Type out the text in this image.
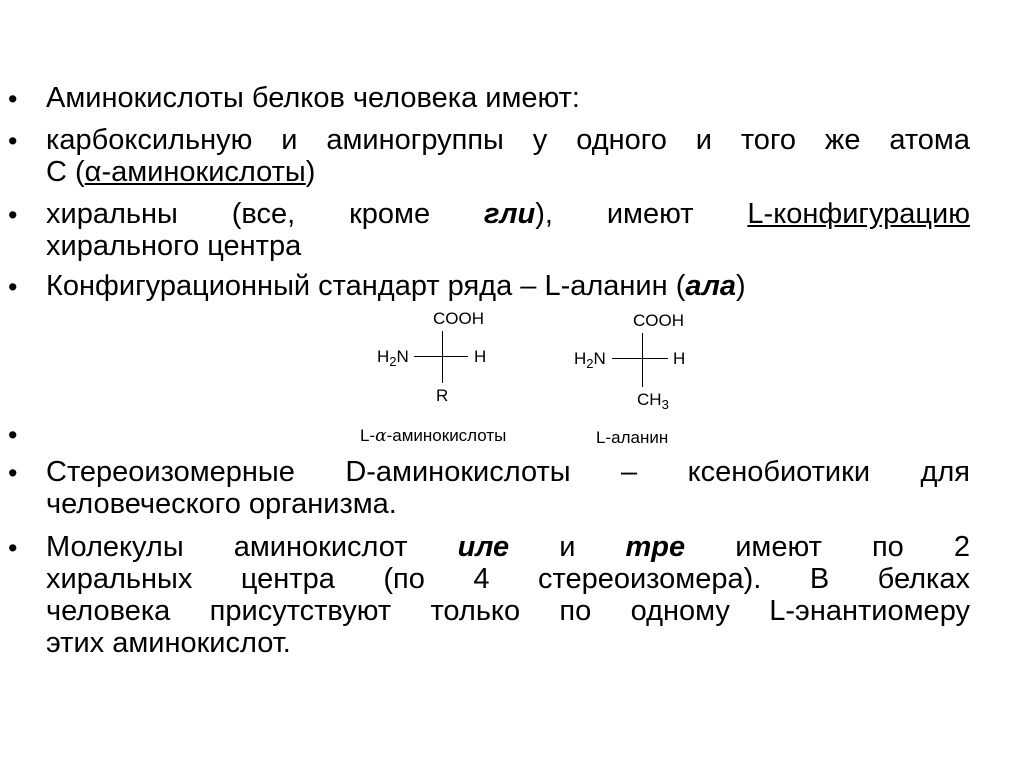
• Аминокислоты белков человека имеют:
• карбоксильную и аминогруппы у одного и того же атома
С (α-аминокислоты)
• хиральны (все, кроме гли), имеют L-конфигурацию
хирального центра
• Конфигурационный стандарт ряда – L-аланин (ала)
COOH
$H_2N$	H
R
L-α-аминокислоты
COOH
$H_2N$	H
$CH_3$
L-аланин
•
• Стереоизомерные D-аминокислоты – ксенобиотики для
человеческого организма.
• Молекулы аминокислот иле и тре имеют по 2
хиральных центра (по 4 стереоизомера). В белках
человека присутствуют только по одному L-энантиомеру
этих аминокислот.
